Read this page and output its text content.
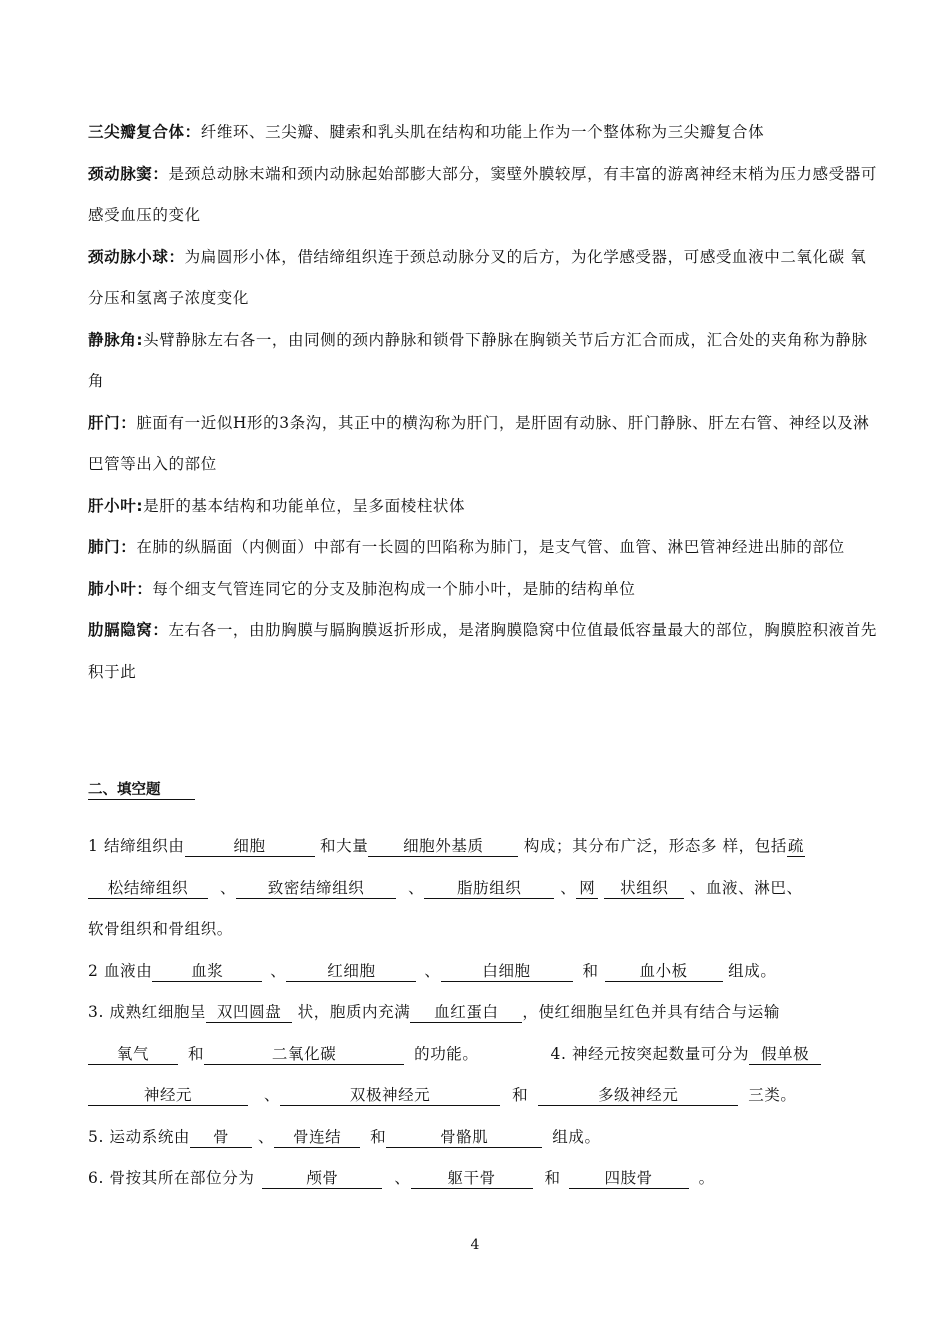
三尖瓣复合体：纤维环、三尖瓣、腱索和乳头肌在结构和功能上作为一个整体称为三尖瓣复合体

颈动脉窦：是颈总动脉末端和颈内动脉起始部膨大部分，窦壁外膜较厚，有丰富的游离神经末梢为压力感受器可感受血压的变化

颈动脉小球：为扁圆形小体，借结缔组织连于颈总动脉分叉的后方，为化学感受器，可感受血液中二氧化碳 氧分压和氢离子浓度变化

静脉角:头臂静脉左右各一，由同侧的颈内静脉和锁骨下静脉在胸锁关节后方汇合而成，汇合处的夹角称为静脉角

肝门：脏面有一近似H形的3条沟，其正中的横沟称为肝门，是肝固有动脉、肝门静脉、肝左右管、神经以及淋巴管等出入的部位

肝小叶:是肝的基本结构和功能单位，呈多面棱柱状体

肺门：在肺的纵膈面（内侧面）中部有一长圆的凹陷称为肺门，是支气管、血管、淋巴管神经进出肺的部位

肺小叶：每个细支气管连同它的分支及肺泡构成一个肺小叶，是肺的结构单位

肋膈隐窝：左右各一，由肋胸膜与膈胸膜返折形成，是渚胸膜隐窝中位值最低容量最大的部位，胸膜腔积液首先积于此

二、填空题

1 结缔组织由	细胞	和大量 细胞外基质 构成；其分布广泛，形态多 样，包括疏
松结缔组织 、 致密结缔组织	、 脂肪组织	、 网 状组织 、血液、淋巴、
软骨组织和骨组织。

2 血液由	血浆	、	红细胞	、	白细胞	和	血小板 组成。

3. 成熟红细胞呈 双凹圆盘 状，胞质内充满 血红蛋白 ，使红细胞呈红色并具有结合与运输
氧气	和	二氧化碳	的功能。	4. 神经元按突起数量可分为 假单极
神经元	、	双极神经元	和	多级神经元	三类。

5. 运动系统由 骨 、 骨连结 和	骨骼肌	组成。

6. 骨按其所在部位分为	颅骨	、 躯干骨	和	四肢骨	。

4
